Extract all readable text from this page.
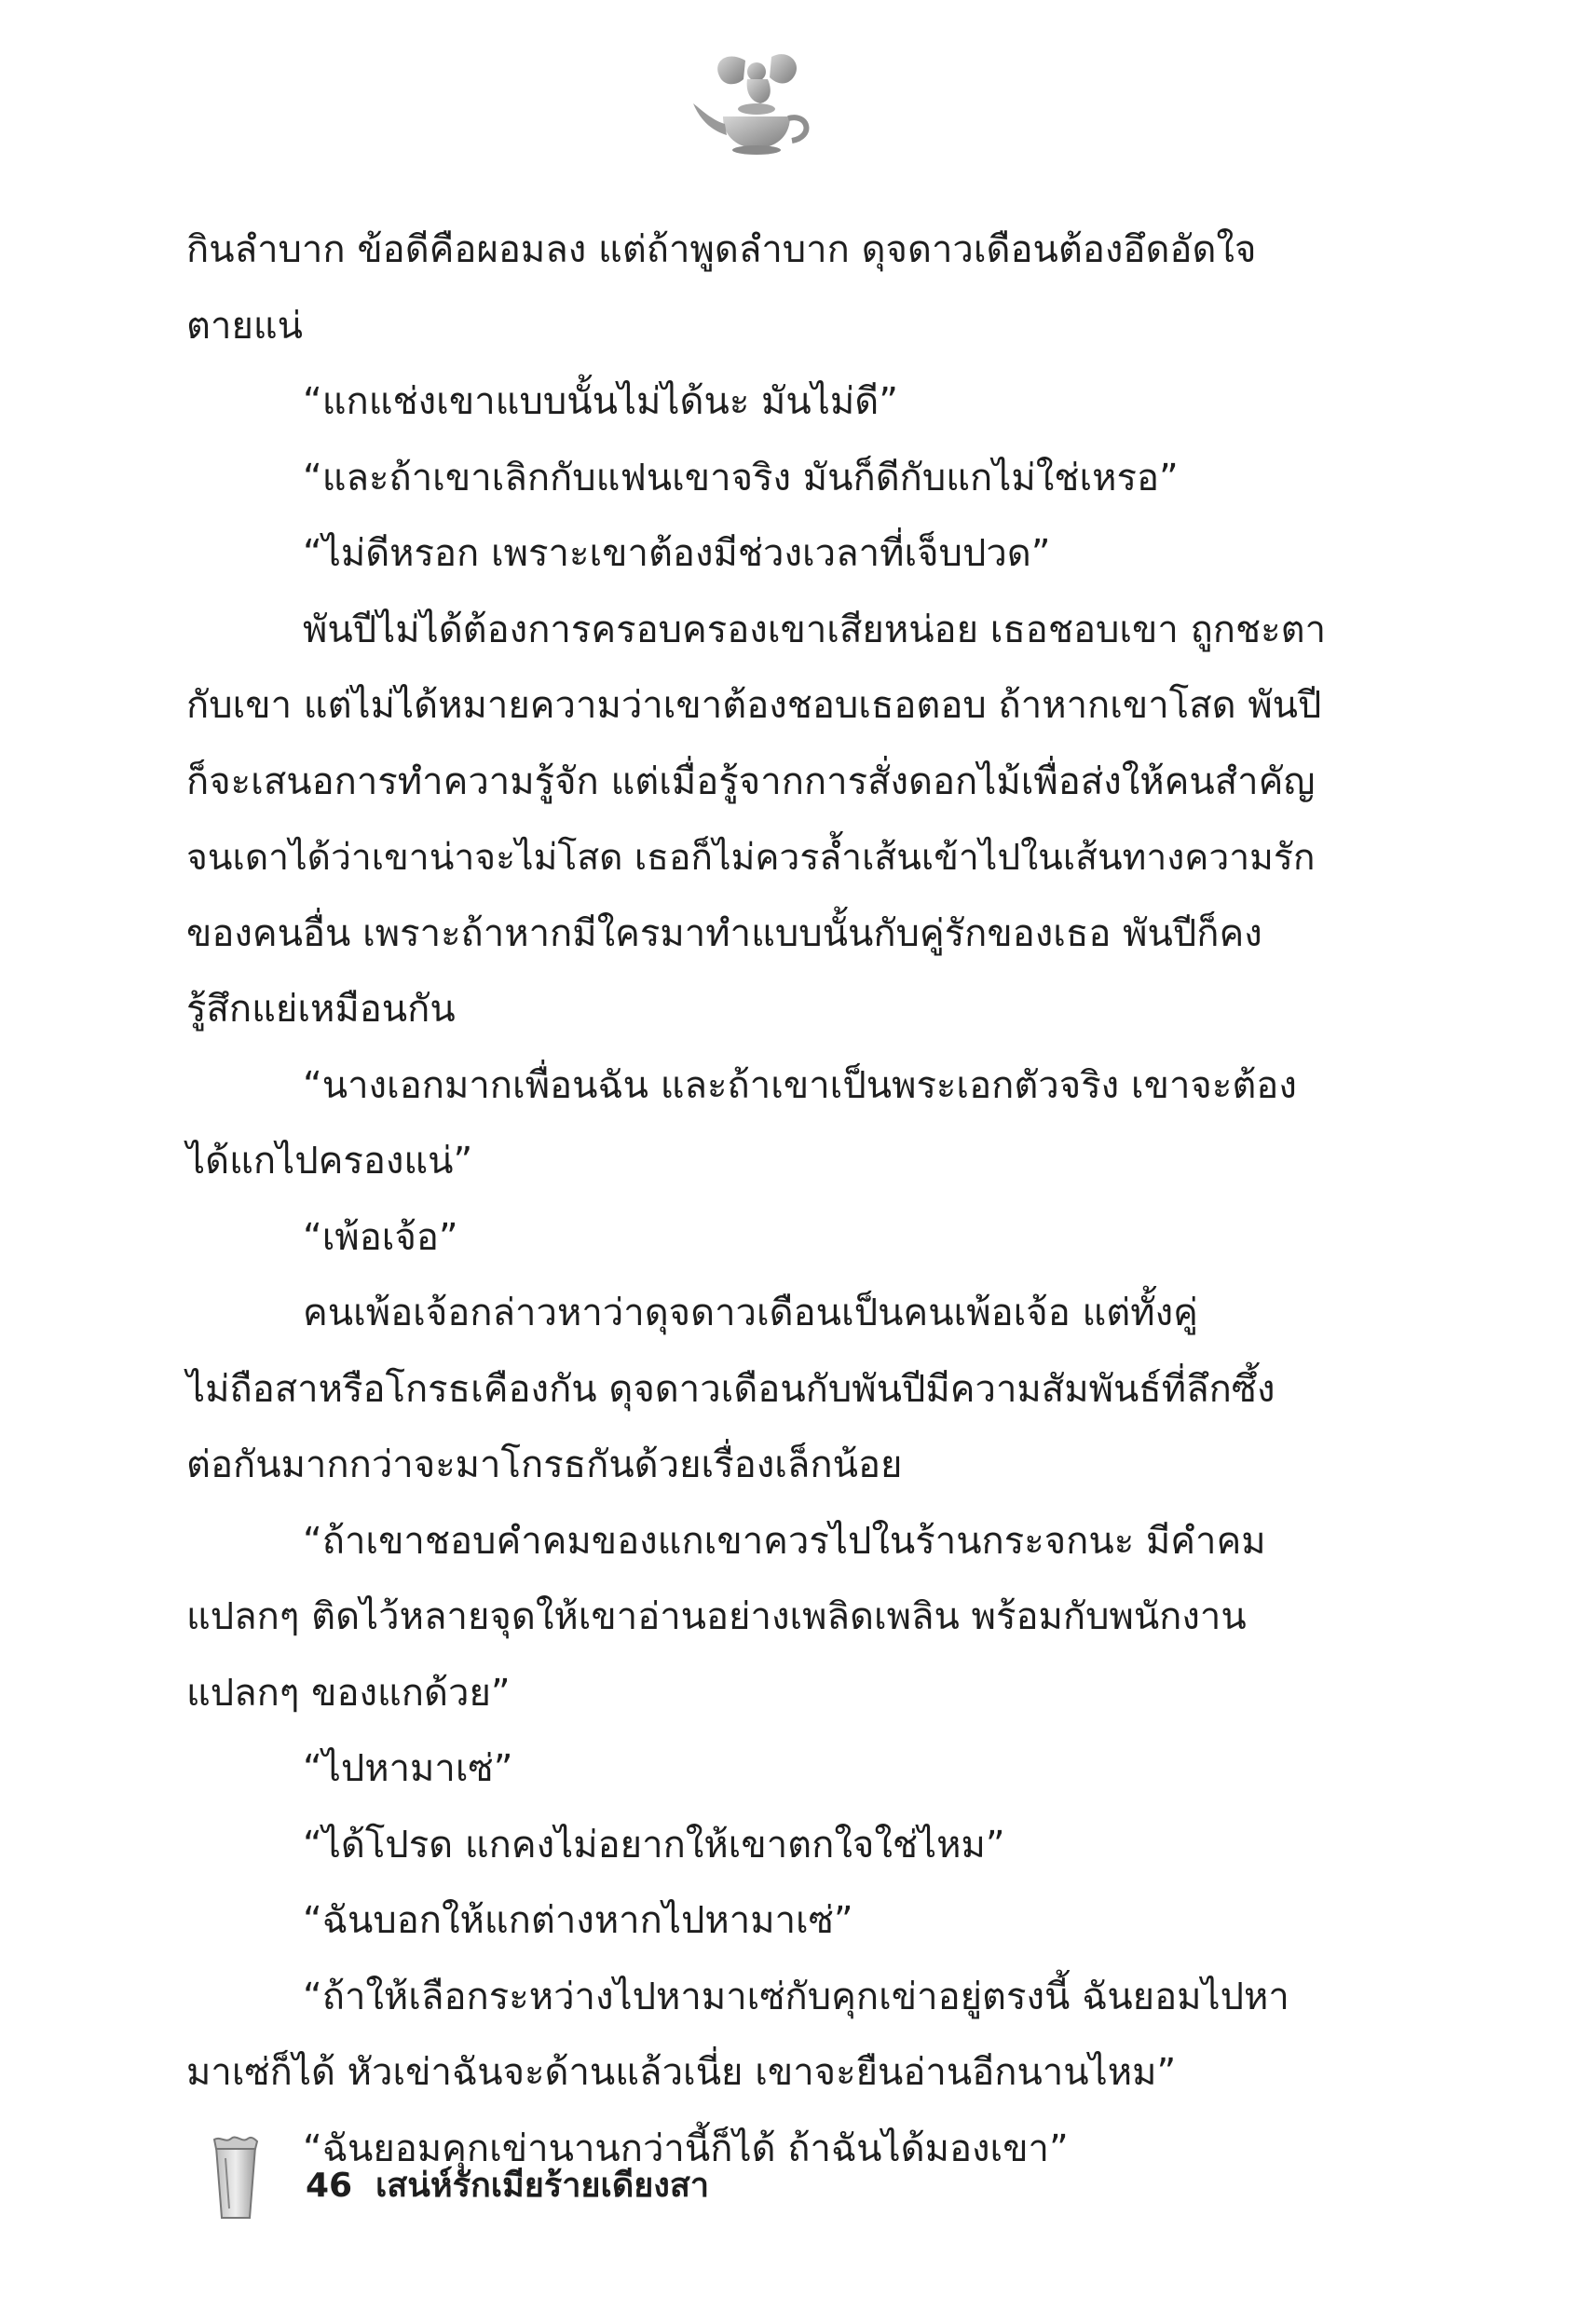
กินลำบาก ข้อดีคือผอมลง แต่ถ้าพูดลำบาก ดุจดาวเดือนต้องอึดอัดใจ
ตายแน่
“แกแช่งเขาแบบนั้นไม่ได้นะ มันไม่ดี”
“และถ้าเขาเลิกกับแฟนเขาจริง มันก็ดีกับแกไม่ใช่เหรอ”
“ไม่ดีหรอก เพราะเขาต้องมีช่วงเวลาที่เจ็บปวด”
พันปีไม่ได้ต้องการครอบครองเขาเสียหน่อย เธอชอบเขา ถูกชะตา
กับเขา แต่ไม่ได้หมายความว่าเขาต้องชอบเธอตอบ ถ้าหากเขาโสด พันปี
ก็จะเสนอการทำความรู้จัก แต่เมื่อรู้จากการสั่งดอกไม้เพื่อส่งให้คนสำคัญ
จนเดาได้ว่าเขาน่าจะไม่โสด เธอก็ไม่ควรล้ำเส้นเข้าไปในเส้นทางความรัก
ของคนอื่น เพราะถ้าหากมีใครมาทำแบบนั้นกับคู่รักของเธอ พันปีก็คง
รู้สึกแย่เหมือนกัน
“นางเอกมากเพื่อนฉัน และถ้าเขาเป็นพระเอกตัวจริง เขาจะต้อง
ได้แกไปครองแน่”
“เพ้อเจ้อ”
คนเพ้อเจ้อกล่าวหาว่าดุจดาวเดือนเป็นคนเพ้อเจ้อ แต่ทั้งคู่
ไม่ถือสาหรือโกรธเคืองกัน ดุจดาวเดือนกับพันปีมีความสัมพันธ์ที่ลึกซึ้ง
ต่อกันมากกว่าจะมาโกรธกันด้วยเรื่องเล็กน้อย
“ถ้าเขาชอบคำคมของแกเขาควรไปในร้านกระจกนะ มีคำคม
แปลกๆ ติดไว้หลายจุดให้เขาอ่านอย่างเพลิดเพลิน พร้อมกับพนักงาน
แปลกๆ ของแกด้วย”
“ไปหามาเซ่”
“ได้โปรด แกคงไม่อยากให้เขาตกใจใช่ไหม”
“ฉันบอกให้แกต่างหากไปหามาเซ่”
“ถ้าให้เลือกระหว่างไปหามาเซ่กับคุกเข่าอยู่ตรงนี้ ฉันยอมไปหา
มาเซ่ก็ได้ หัวเข่าฉันจะด้านแล้วเนี่ย เขาจะยืนอ่านอีกนานไหม”
“ฉันยอมคุกเข่านานกว่านี้ก็ได้ ถ้าฉันได้มองเขา”
46 เสน่ห์รักเมียร้ายเดียงสา
